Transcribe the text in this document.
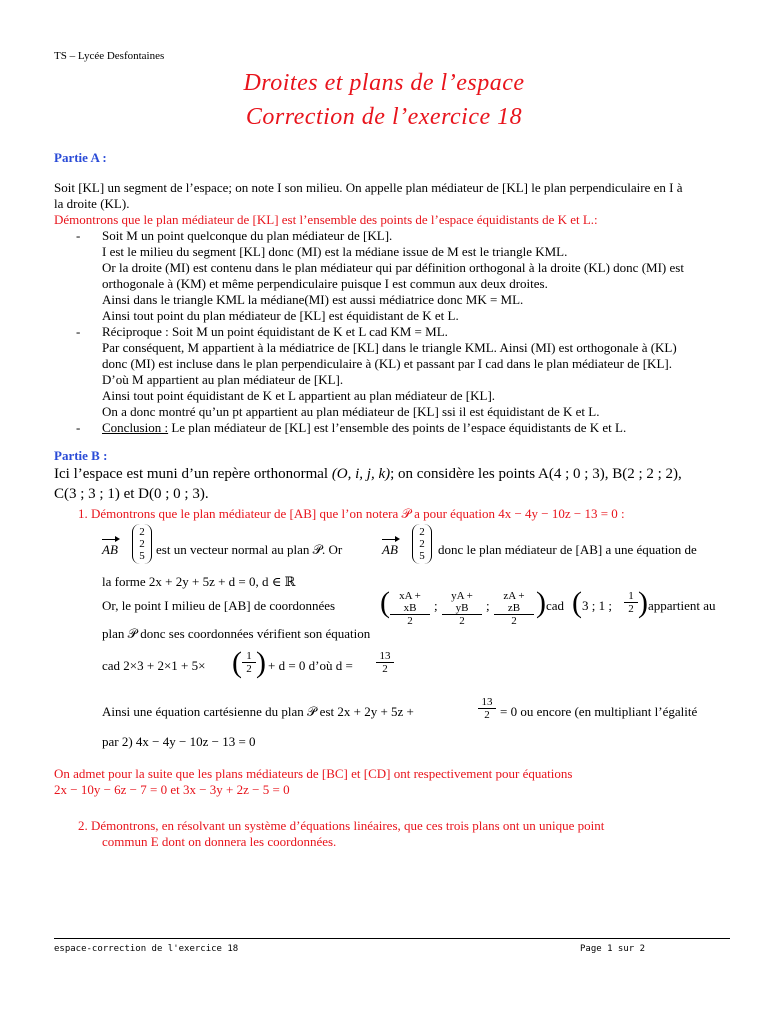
TS – Lycée Desfontaines
Droites et plans de l’espace
Correction de l’exercice 18
Partie A :
Soit [KL] un segment de l’espace; on note I son milieu. On appelle plan médiateur de [KL] le plan perpendiculaire en I à
la droite (KL).
Démontrons que le plan médiateur de [KL] est l’ensemble des points de l’espace équidistants de K et L.:
- Soit M un point quelconque du plan médiateur de [KL].
I est le milieu du segment [KL] donc (MI) est la médiane issue de M est le triangle KML.
Or la droite (MI) est contenu dans le plan médiateur qui par définition orthogonal à la droite (KL) donc (MI) est
orthogonale à (KM) et même perpendiculaire puisque I est commun aux deux droites.
Ainsi dans le triangle KML la médiane(MI) est aussi médiatrice donc MK = ML.
Ainsi tout point du plan médiateur de [KL] est équidistant de K et L.
- Réciproque : Soit M un point équidistant de K et L cad KM = ML.
Par conséquent, M appartient à la médiatrice de [KL] dans le triangle KML. Ainsi (MI) est orthogonale à (KL)
donc (MI) est incluse dans le plan perpendiculaire à (KL) et passant par I cad dans le plan médiateur de [KL].
D’où M appartient au plan médiateur de [KL].
Ainsi tout point équidistant de K et L appartient au plan médiateur de [KL].
On a donc montré qu’un pt appartient au plan médiateur de [KL] ssi il est équidistant de K et L.
- Conclusion : Le plan médiateur de [KL] est l’ensemble des points de l’espace équidistants de K et L.
Partie B :
Ici l’espace est muni d’un repère orthonormal (O, i, j, k); on considère les points A(4 ; 0 ; 3), B(2 ; 2 ; 2),
C(3 ; 3 ; 1) et D(0 ; 0 ; 3).
1. Démontrons que le plan médiateur de [AB] que l’on notera 𝒫 a pour équation 4x − 4y − 10z − 13 = 0 :
AB
2
2
5 est un vecteur normal au plan 𝒫. Or	AB
2
2
5	donc le plan médiateur de [AB] a une équation de
la forme 2x + 2y + 5z + d = 0, d ∈ ℝ
Or, le point I milieu de [AB] de coordonnées ( $\frac{xA + xB}{2}$ ; $\frac{yA + yB}{2}$ ; $\frac{zA + zB}{2}$ ) cad ( 3 ; 1 ; $\frac{1}{2}$ ) appartient au
plan 𝒫 donc ses coordonnées vérifient son équation
cad 2×3 + 2×1 + 5× ( $\frac{1}{2}$ ) + d = 0 d’où $d = \frac{13}{2}$
Ainsi une équation cartésienne du plan 𝒫 est 2x + 2y + 5z +	$\frac{13}{2} = 0$ ou encore (en multipliant l’égalité
par 2) 4x − 4y − 10z − 13 = 0
On admet pour la suite que les plans médiateurs de [BC] et [CD] ont respectivement pour équations
2x − 10y − 6z − 7 = 0 et 3x − 3y + 2z − 5 = 0
2. Démontrons, en résolvant un système d’équations linéaires, que ces trois plans ont un unique point
commun E dont on donnera les coordonnées.
espace-correction de l'exercice 18	Page 1 sur 2
